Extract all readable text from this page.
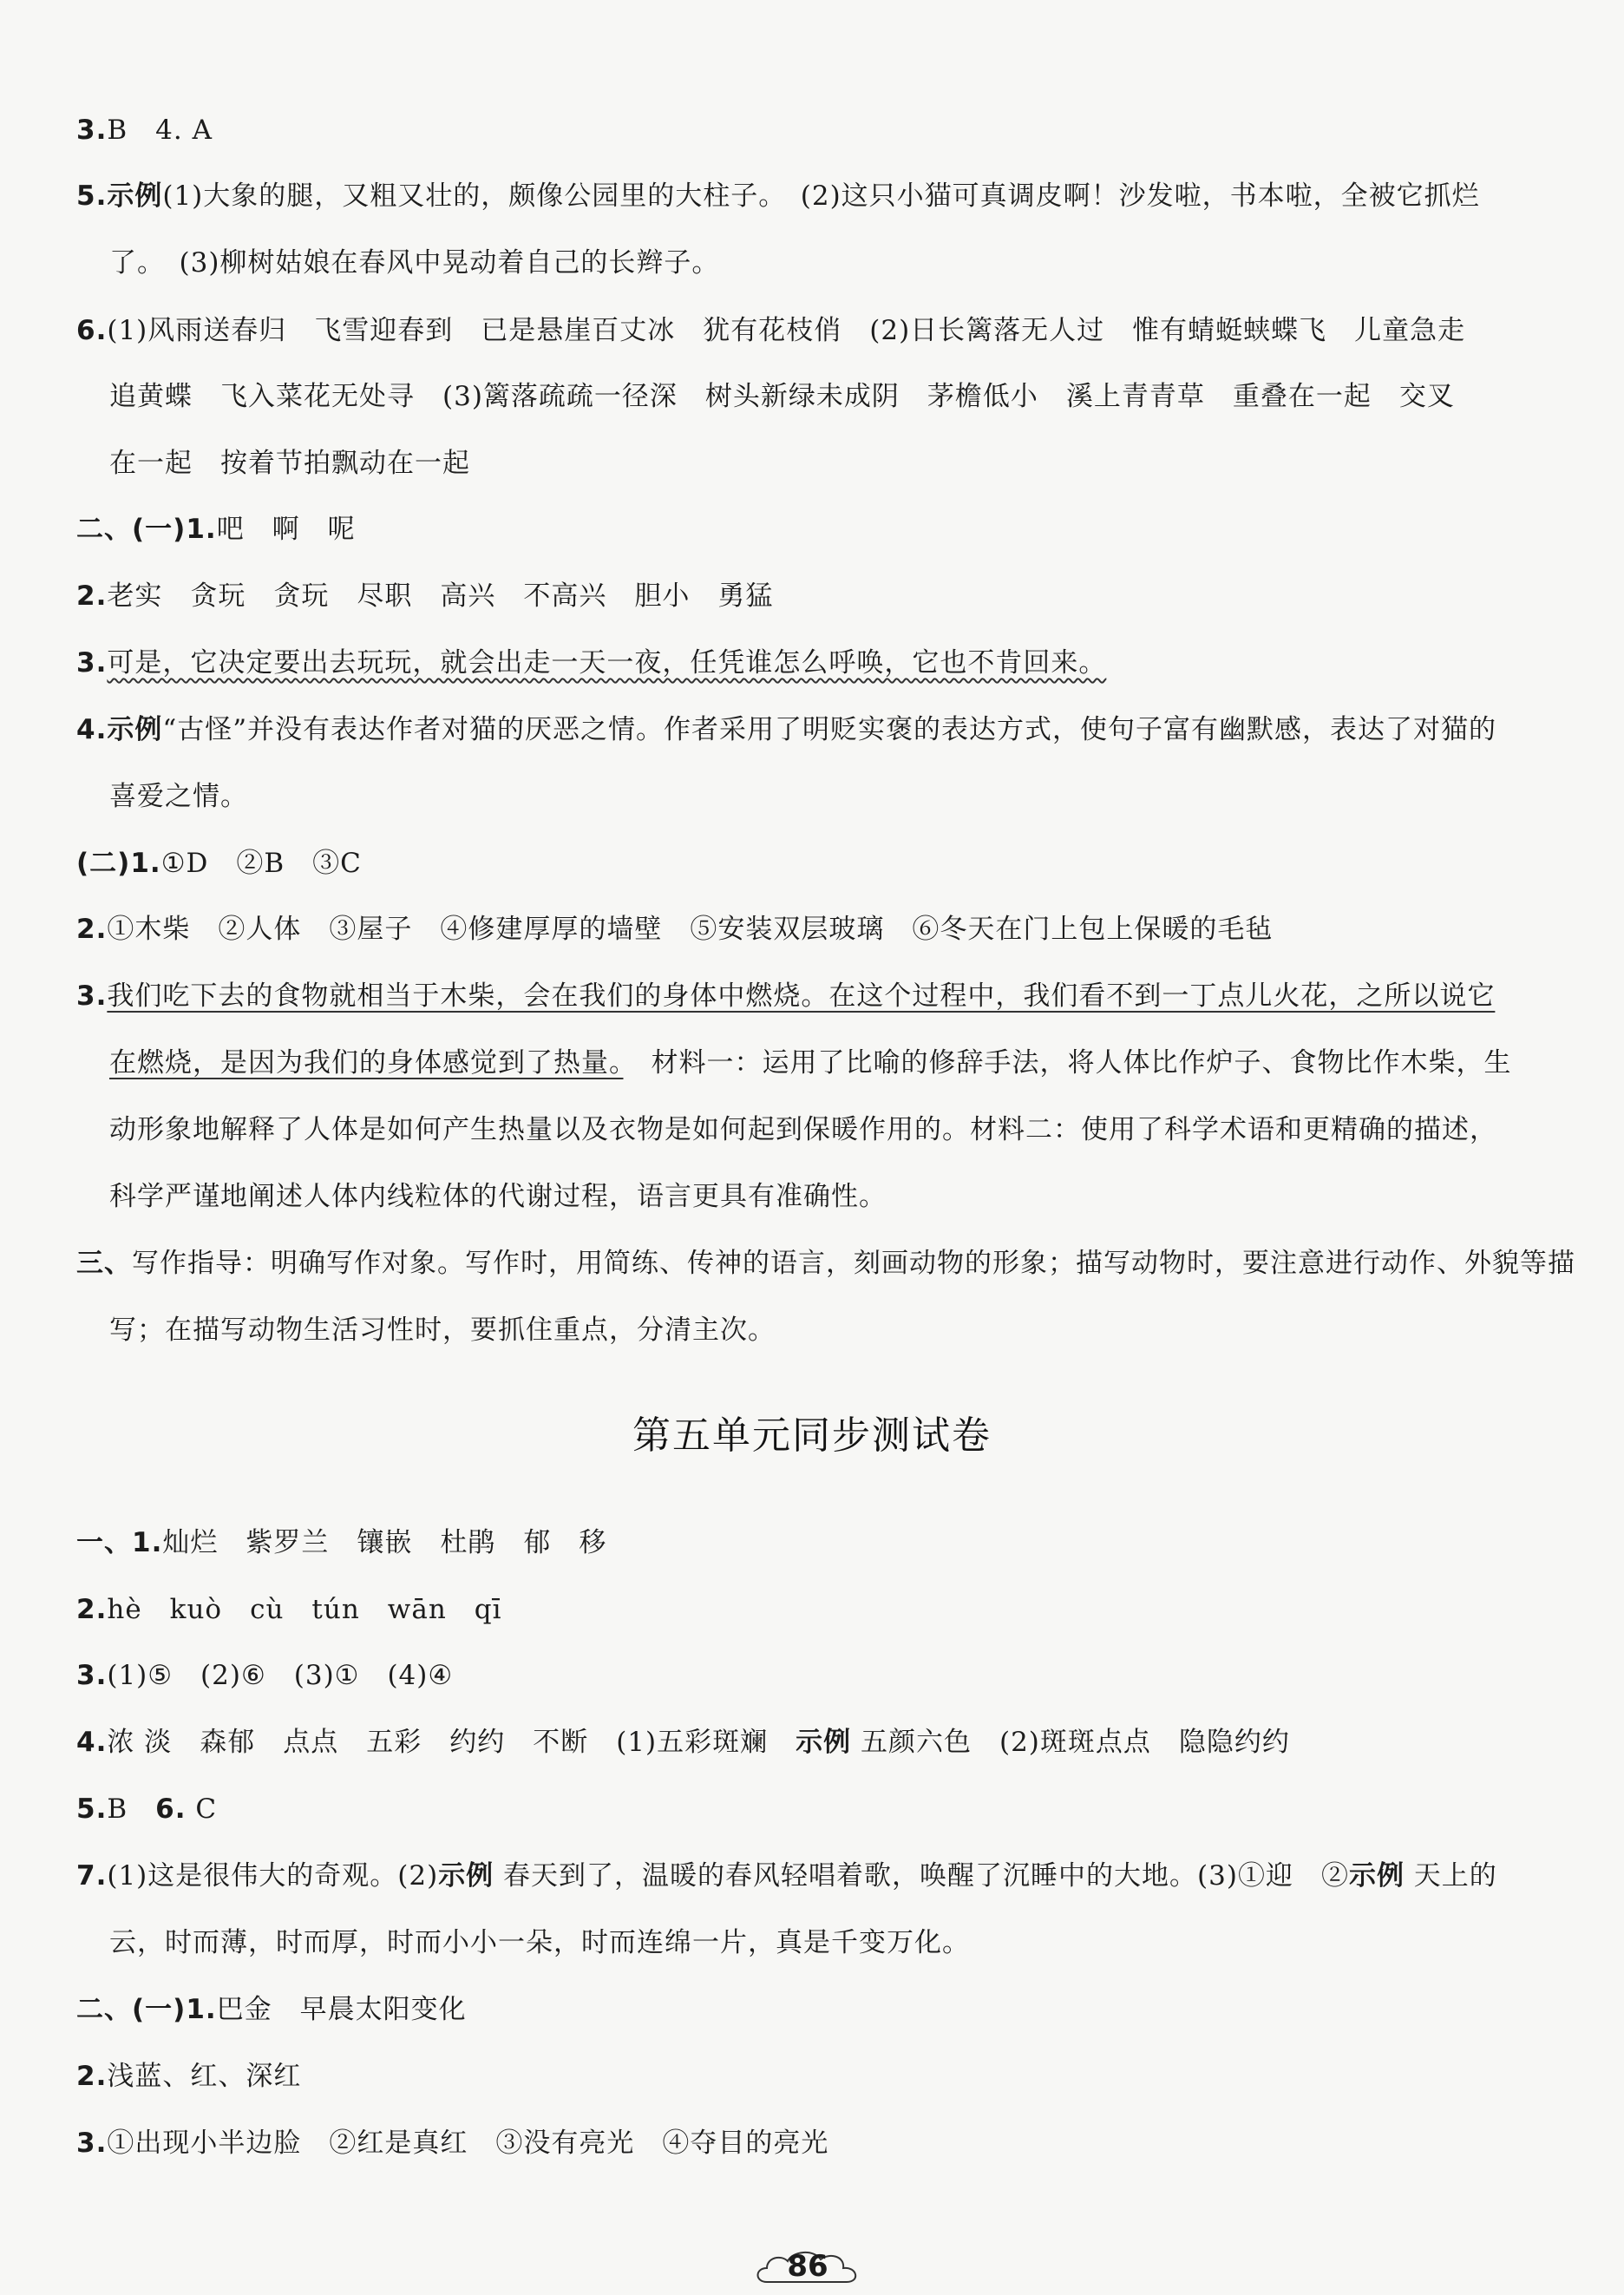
3.B　4. A
5.示例(1)大象的腿，又粗又壮的，颇像公园里的大柱子。　(2)这只小猫可真调皮啊！沙发啦，书本啦，全被它抓烂
了。　(3)柳树姑娘在春风中晃动着自己的长辫子。
6.(1)风雨送春归　飞雪迎春到　已是悬崖百丈冰　犹有花枝俏　(2)日长篱落无人过　惟有蜻蜓蛱蝶飞　儿童急走
追黄蝶　飞入菜花无处寻　(3)篱落疏疏一径深　树头新绿未成阴　茅檐低小　溪上青青草　重叠在一起　交叉
在一起　按着节拍飘动在一起
二、(一)1.吧　啊　呢
2.老实　贪玩　贪玩　尽职　高兴　不高兴　胆小　勇猛
3.可是，它决定要出去玩玩，就会出走一天一夜，任凭谁怎么呼唤，它也不肯回来。
4.示例“古怪”并没有表达作者对猫的厌恶之情。作者采用了明贬实褒的表达方式，使句子富有幽默感，表达了对猫的
喜爱之情。
(二)1.①D　②B　③C
2.①木柴　②人体　③屋子　④修建厚厚的墙壁　⑤安装双层玻璃　⑥冬天在门上包上保暖的毛毡
3.我们吃下去的食物就相当于木柴，会在我们的身体中燃烧。在这个过程中，我们看不到一丁点儿火花，之所以说它
在燃烧，是因为我们的身体感觉到了热量。　材料一：运用了比喻的修辞手法，将人体比作炉子、食物比作木柴，生
动形象地解释了人体是如何产生热量以及衣物是如何起到保暖作用的。材料二：使用了科学术语和更精确的描述，
科学严谨地阐述人体内线粒体的代谢过程，语言更具有准确性。
三、写作指导：明确写作对象。写作时，用简练、传神的语言，刻画动物的形象；描写动物时，要注意进行动作、外貌等描
写；在描写动物生活习性时，要抓住重点，分清主次。
第五单元同步测试卷
一、1.灿烂　紫罗兰　镶嵌　杜鹃　郁　移
2.hè　kuò　cù　tún　wān　qī
3.(1)⑤　(2)⑥　(3)①　(4)④
4.浓 淡　森郁　点点　五彩　约约　不断　(1)五彩斑斓　示例 五颜六色　(2)斑斑点点　隐隐约约
5.B　6. C
7.(1)这是很伟大的奇观。(2)示例 春天到了，温暖的春风轻唱着歌，唤醒了沉睡中的大地。(3)①迎　②示例 天上的
云，时而薄，时而厚，时而小小一朵，时而连绵一片，真是千变万化。
二、(一)1.巴金　早晨太阳变化
2.浅蓝、红、深红
3.①出现小半边脸　②红是真红　③没有亮光　④夺目的亮光
86
